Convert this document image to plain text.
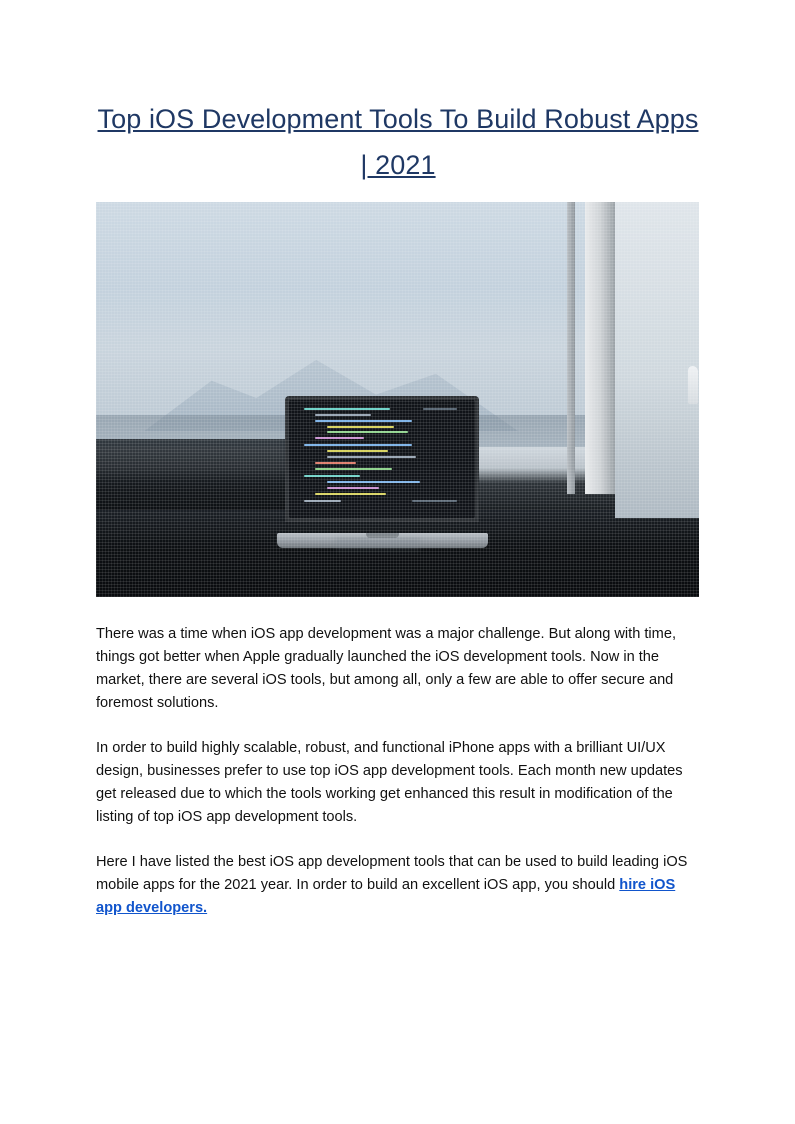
Top iOS Development Tools To Build Robust Apps | 2021

There was a time when iOS app development was a major challenge. But along with time, things got better when Apple gradually launched the iOS development tools. Now in the market, there are several iOS tools, but among all, only a few are able to offer secure and foremost solutions.

In order to build highly scalable, robust, and functional iPhone apps with a brilliant UI/UX design, businesses prefer to use top iOS app development tools. Each month new updates get released due to which the tools working get enhanced this result in modification of the listing of top iOS app development tools.

Here I have listed the best iOS app development tools that can be used to build leading iOS mobile apps for the 2021 year. In order to build an excellent iOS app, you should hire iOS app developers.
